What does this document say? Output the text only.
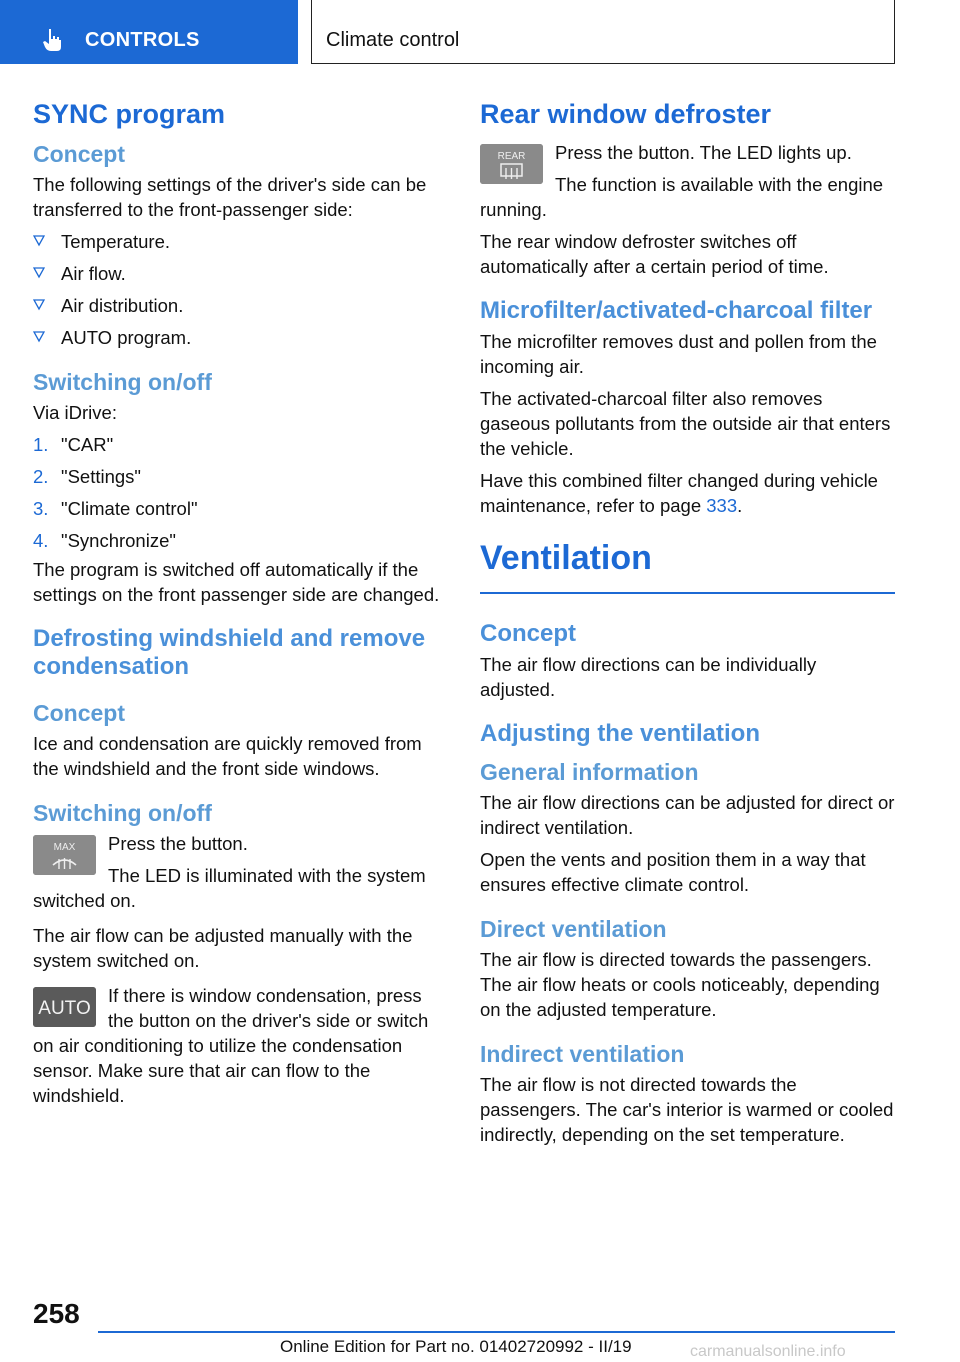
CONTROLS	Climate control
SYNC program
Concept

The following settings of the driver's side can be transferred to the front-passenger side:

Temperature.
Air flow.
Air distribution.
AUTO program.
Switching on/off

Via iDrive:

1. "CAR"
2. "Settings"
3. "Climate control"
4. "Synchronize"

The program is switched off automatically if the settings on the front passenger side are changed.

Defrosting windshield and remove condensation
Concept

Ice and condensation are quickly removed from the windshield and the front side windows.

Switching on/off
MAX	Press the button.

The LED is illuminated with the system switched on.

The air flow can be adjusted manually with the system switched on.

AUTO

If there is window condensation, press the button on the driver's side or switch on air conditioning to utilize the condensation sensor. Make sure that air can flow to the windshield.

Rear window defroster
REAR	Press the button. The LED lights up.

The function is available with the engine running.

The rear window defroster switches off automatically after a certain period of time.

Microfilter/activated-charcoal filter

The microfilter removes dust and pollen from the incoming air.

The activated-charcoal filter also removes gaseous pollutants from the outside air that enters the vehicle.

Have this combined filter changed during vehicle maintenance, refer to page 333.

Ventilation
Concept

The air flow directions can be individually adjusted.

Adjusting the ventilation
General information

The air flow directions can be adjusted for direct or indirect ventilation.

Open the vents and position them in a way that ensures effective climate control.

Direct ventilation

The air flow is directed towards the passengers. The air flow heats or cools noticeably, depending on the adjusted temperature.

Indirect ventilation

The air flow is not directed towards the passengers. The car's interior is warmed or cooled indirectly, depending on the set temperature.

258
Online Edition for Part no. 01402720992 - II/19	carmanualsonline.info
